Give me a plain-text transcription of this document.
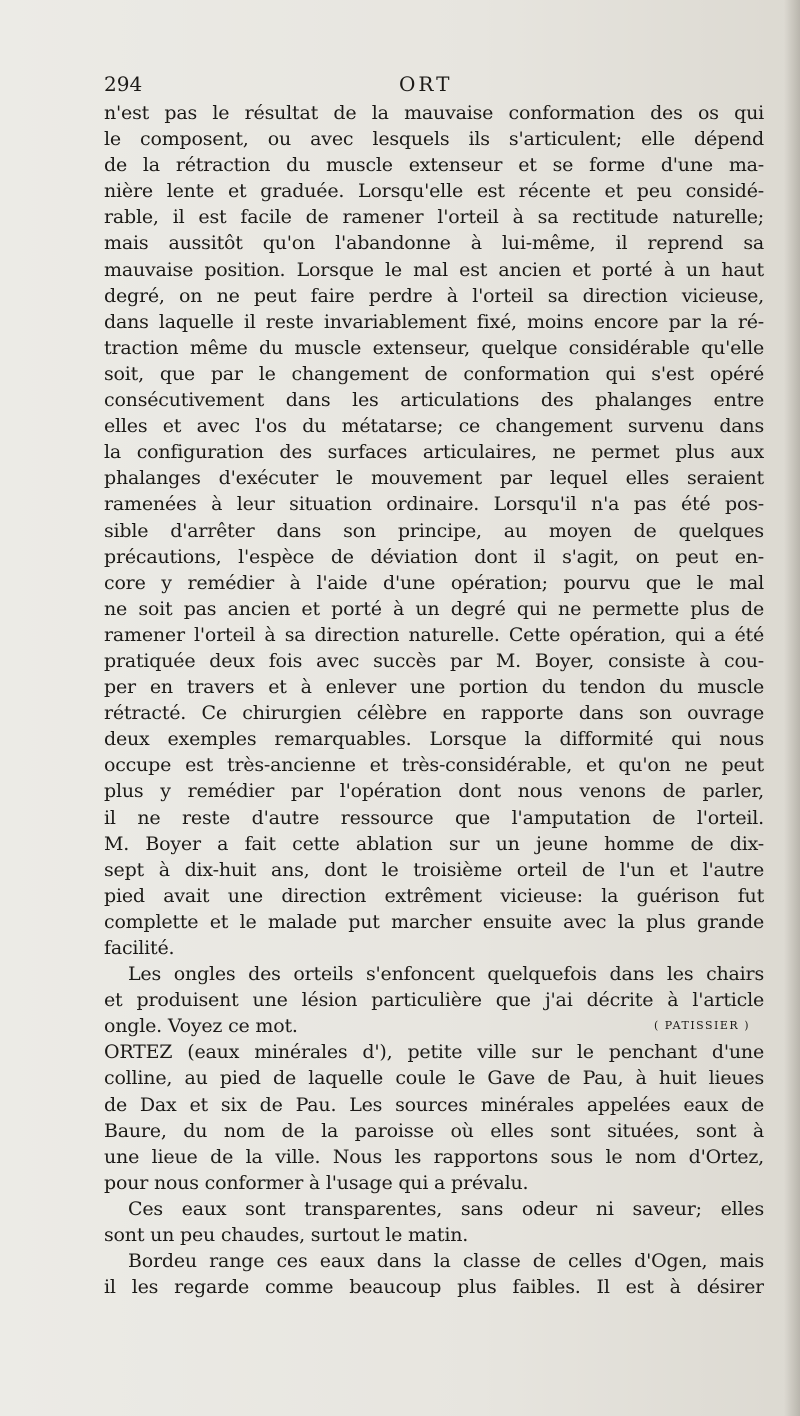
294	ORT
n'est pas le résultat de la mauvaise conformation des os qui
le composent, ou avec lesquels ils s'articulent; elle dépend
de la rétraction du muscle extenseur et se forme d'une ma-
nière lente et graduée. Lorsqu'elle est récente et peu considé-
rable, il est facile de ramener l'orteil à sa rectitude naturelle;
mais aussitôt qu'on l'abandonne à lui-même, il reprend sa
mauvaise position. Lorsque le mal est ancien et porté à un haut
degré, on ne peut faire perdre à l'orteil sa direction vicieuse,
dans laquelle il reste invariablement fixé, moins encore par la ré-
traction même du muscle extenseur, quelque considérable qu'elle
soit, que par le changement de conformation qui s'est opéré
consécutivement dans les articulations des phalanges entre
elles et avec l'os du métatarse; ce changement survenu dans
la configuration des surfaces articulaires, ne permet plus aux
phalanges d'exécuter le mouvement par lequel elles seraient
ramenées à leur situation ordinaire. Lorsqu'il n'a pas été pos-
sible d'arrêter dans son principe, au moyen de quelques
précautions, l'espèce de déviation dont il s'agit, on peut en-
core y remédier à l'aide d'une opération; pourvu que le mal
ne soit pas ancien et porté à un degré qui ne permette plus de
ramener l'orteil à sa direction naturelle. Cette opération, qui a été
pratiquée deux fois avec succès par M. Boyer, consiste à cou-
per en travers et à enlever une portion du tendon du muscle
rétracté. Ce chirurgien célèbre en rapporte dans son ouvrage
deux exemples remarquables. Lorsque la difformité qui nous
occupe est très-ancienne et très-considérable, et qu'on ne peut
plus y remédier par l'opération dont nous venons de parler,
il ne reste d'autre ressource que l'amputation de l'orteil.
M. Boyer a fait cette ablation sur un jeune homme de dix-
sept à dix-huit ans, dont le troisième orteil de l'un et l'autre
pied avait une direction extrêment vicieuse: la guérison fut
complette et le malade put marcher ensuite avec la plus grande
facilité.
Les ongles des orteils s'enfoncent quelquefois dans les chairs
et produisent une lésion particulière que j'ai décrite à l'article
ongle. Voyez ce mot.	( PATISSIER )
ORTEZ (eaux minérales d'), petite ville sur le penchant d'une
colline, au pied de laquelle coule le Gave de Pau, à huit lieues
de Dax et six de Pau. Les sources minérales appelées eaux de
Baure, du nom de la paroisse où elles sont situées, sont à
une lieue de la ville. Nous les rapportons sous le nom d'Ortez,
pour nous conformer à l'usage qui a prévalu.
Ces eaux sont transparentes, sans odeur ni saveur; elles
sont un peu chaudes, surtout le matin.
Bordeu range ces eaux dans la classe de celles d'Ogen, mais
il les regarde comme beaucoup plus faibles. Il est à désirer
